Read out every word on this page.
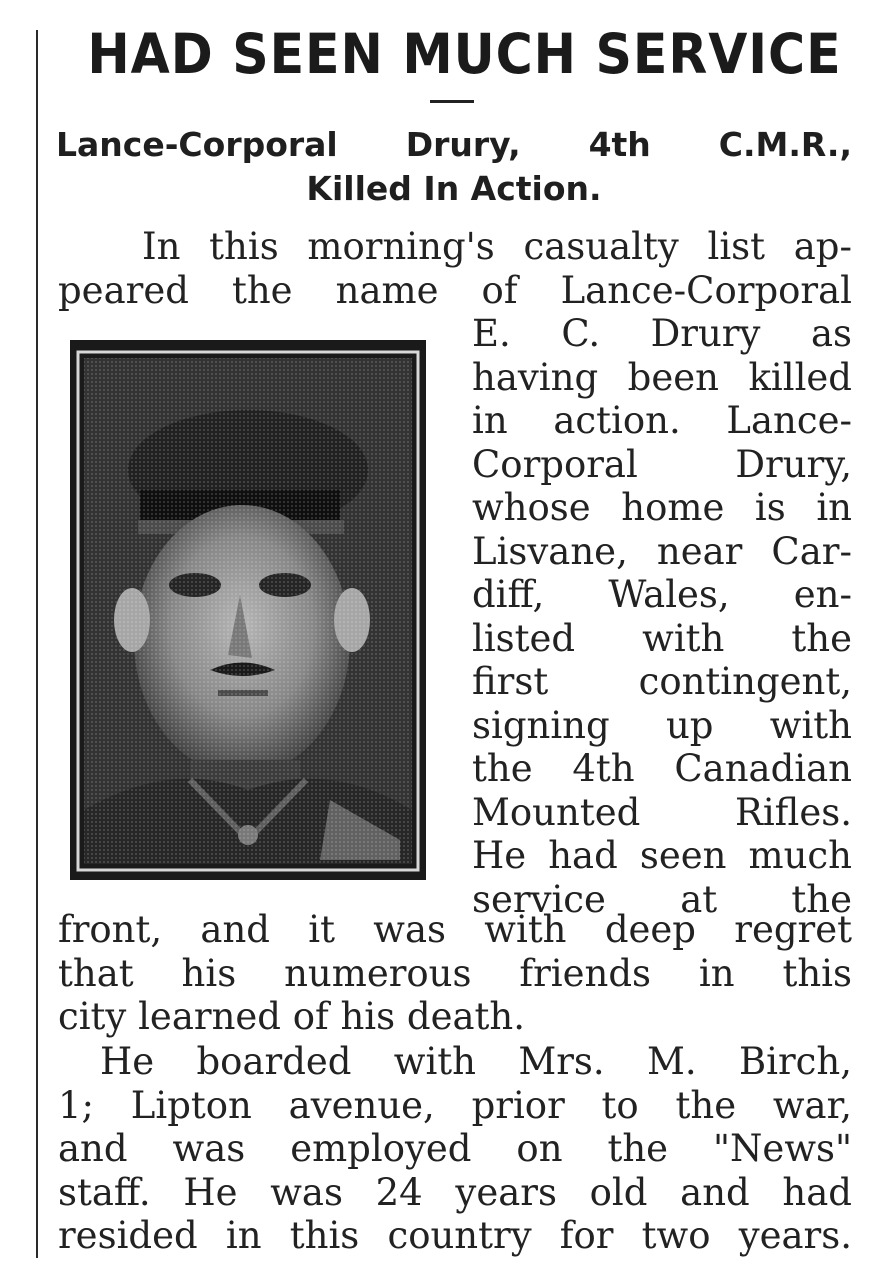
HAD SEEN MUCH SERVICE
Lance-Corporal Drury, 4th C.M.R.,
Killed In Action.
In this morning's casualty list ap-
peared the name of Lance-Corporal
E. C. Drury as
having been killed
in action. Lance-
Corporal Drury,
whose home is in
Lisvane, near Car-
diff, Wales, en-
listed with the
first contingent,
signing up with
the 4th Canadian
Mounted Rifles.
He had seen much
service at the
front, and it was with deep regret
that his numerous friends in this
city learned of his death.
He boarded with Mrs. M. Birch,
1; Lipton avenue, prior to the war,
and was employed on the "News"
staff. He was 24 years old and had
resided in this country for two years.
